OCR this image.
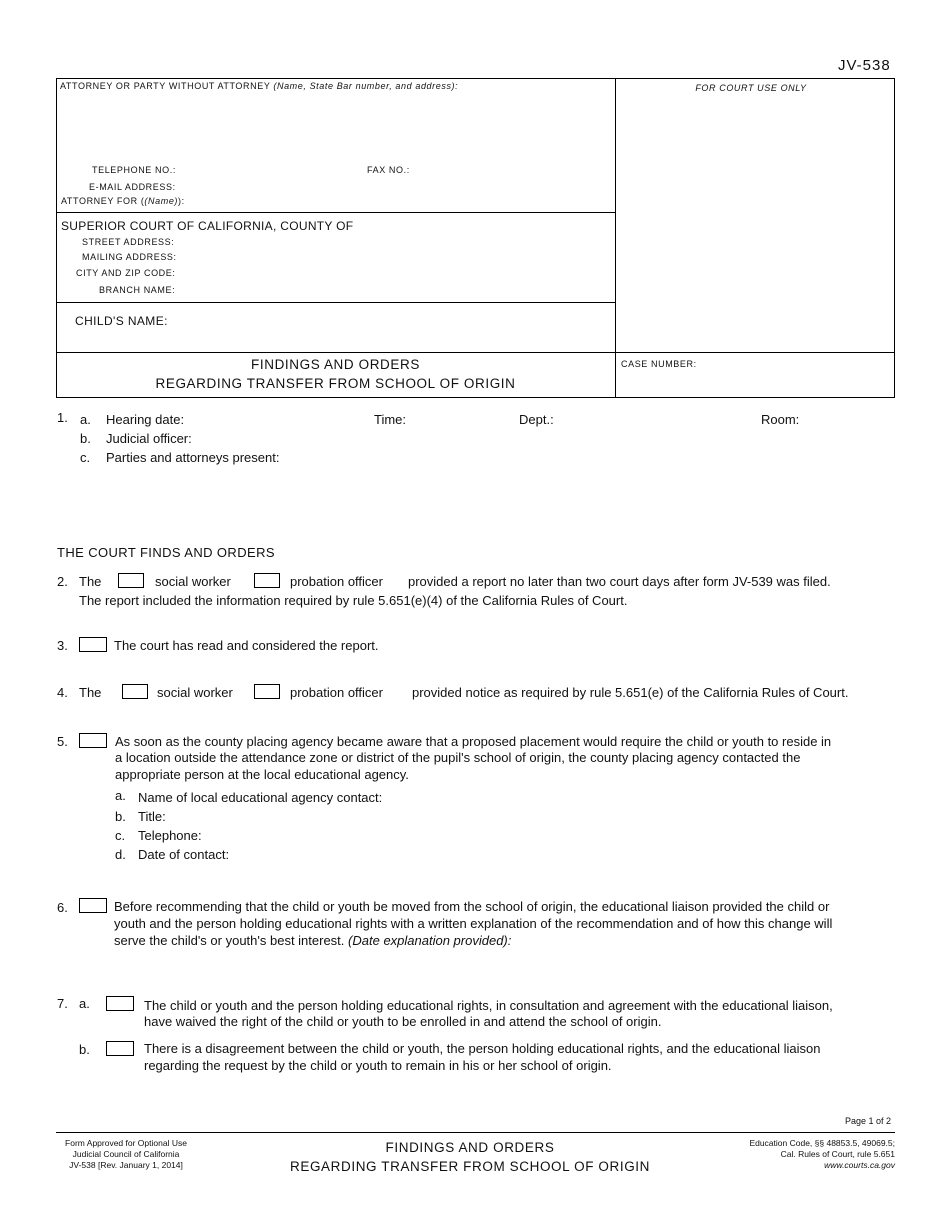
JV-538
ATTORNEY OR PARTY WITHOUT ATTORNEY (Name, State Bar number, and address):
TELEPHONE NO.:	FAX NO.:
E-MAIL ADDRESS:
ATTORNEY FOR ((Name)):
FOR COURT USE ONLY
SUPERIOR COURT OF CALIFORNIA, COUNTY OF
STREET ADDRESS:
MAILING ADDRESS:
CITY AND ZIP CODE:
BRANCH NAME:
CHILD'S NAME:
FINDINGS AND ORDERS
REGARDING TRANSFER FROM SCHOOL OF ORIGIN
CASE NUMBER:
1. a. Hearing date:	Time:	Dept.:	Room:
b. Judicial officer:
c. Parties and attorneys present:
THE COURT FINDS AND ORDERS
2. The	social worker	probation officer provided a report no later than two court days after form JV-539 was filed.
The report included the information required by rule 5.651(e)(4) of the California Rules of Court.
3.	The court has read and considered the report.
4. The	social worker	probation officer provided notice as required by rule 5.651(e) of the California Rules of Court.
5.	As soon as the county placing agency became aware that a proposed placement would require the child or youth to reside in
a location outside the attendance zone or district of the pupil's school of origin, the county placing agency contacted the
appropriate person at the local educational agency.
a. Name of local educational agency contact:
b. Title:
c. Telephone:
d. Date of contact:
6.	Before recommending that the child or youth be moved from the school of origin, the educational liaison provided the child or
youth and the person holding educational rights with a written explanation of the recommendation and of how this change will
serve the child's or youth's best interest. (Date explanation provided):
7. a.	The child or youth and the person holding educational rights, in consultation and agreement with the educational liaison,
have waived the right of the child or youth to be enrolled in and attend the school of origin.
b.	There is a disagreement between the child or youth, the person holding educational rights, and the educational liaison
regarding the request by the child or youth to remain in his or her school of origin.
Page 1 of 2
Form Approved for Optional Use
Judicial Council of California
JV-538 [Rev. January 1, 2014]
FINDINGS AND ORDERS
REGARDING TRANSFER FROM SCHOOL OF ORIGIN
Education Code, §§ 48853.5, 49069.5;
Cal. Rules of Court, rule 5.651
www.courts.ca.gov
